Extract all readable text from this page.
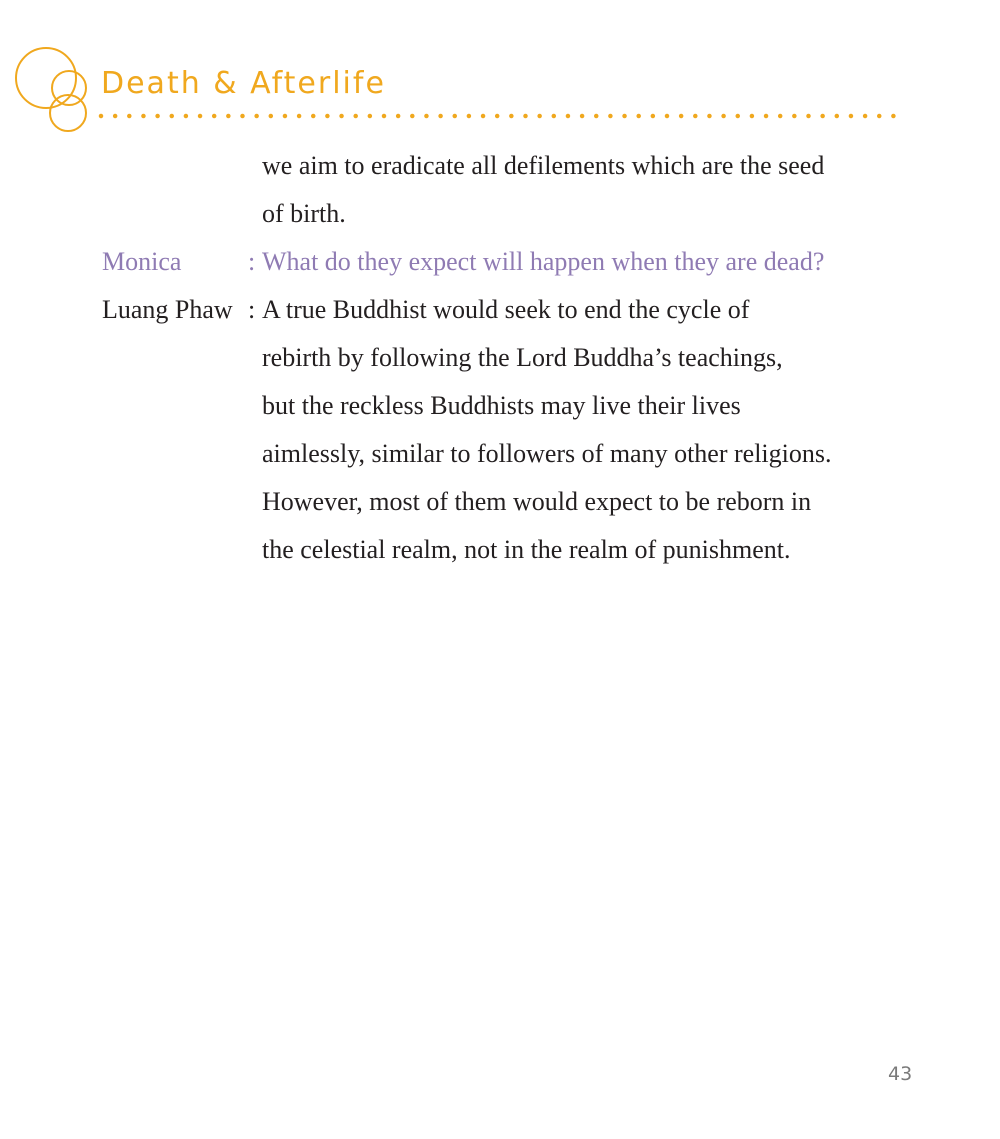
Death & Afterlife
we aim to eradicate all defilements which are the seed
of birth.
Monica	: What do they expect will happen when they are dead?
Luang Phaw : A true Buddhist would seek to end the cycle of
rebirth by following the Lord Buddha’s teachings,
but the reckless Buddhists may live their lives
aimlessly, similar to followers of many other religions.
However, most of them would expect to be reborn in
the celestial realm, not in the realm of punishment.
43
